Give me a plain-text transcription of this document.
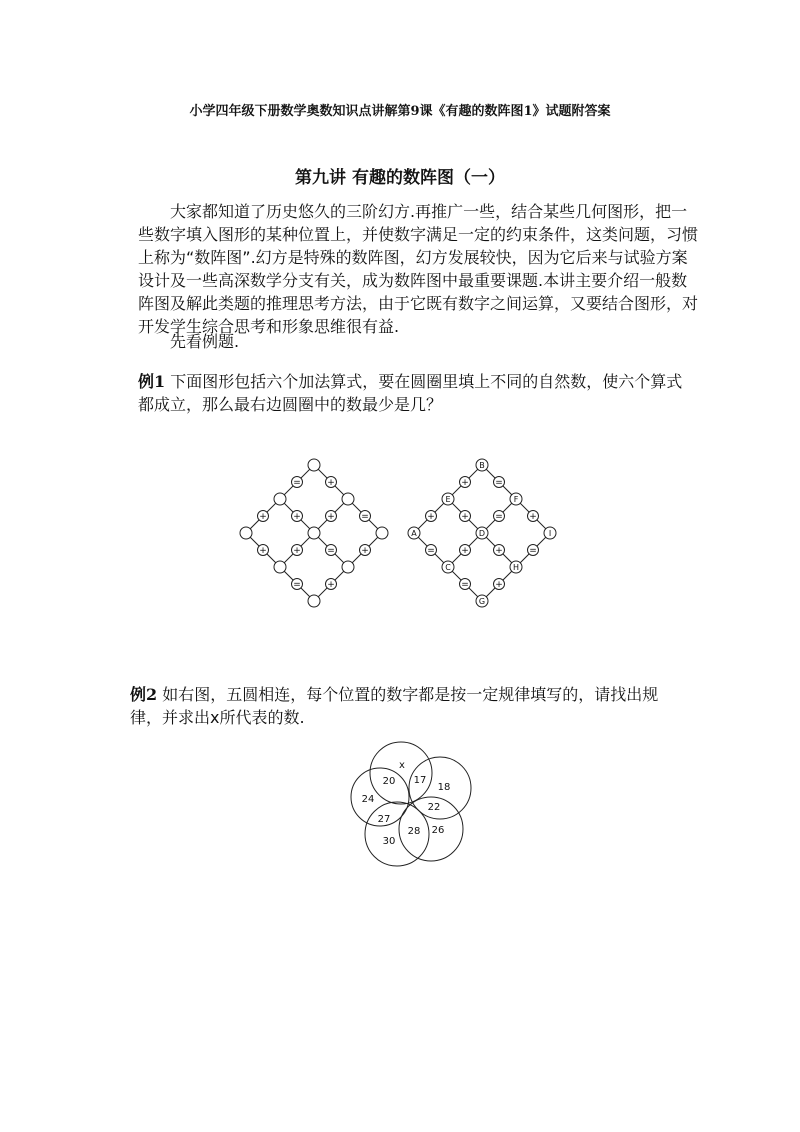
小学四年级下册数学奥数知识点讲解第9课《有趣的数阵图1》试题附答案
第九讲 有趣的数阵图（一）

大家都知道了历史悠久的三阶幻方.再推广一些，结合某些几何图形，把一些数字填入图形的某种位置上，并使数字满足一定的约束条件，这类问题，习惯上称为“数阵图”.幻方是特殊的数阵图，幻方发展较快，因为它后来与试验方案设计及一些高深数学分支有关，成为数阵图中最重要课题.本讲主要介绍一般数阵图及解此类题的推理思考方法，由于它既有数字之间运算，又要结合图形，对开发学生综合思考和形象思维很有益.

先看例题.

例1 下面图形包括六个加法算式，要在圆圈里填上不同的自然数，使六个算式都成立，那么最右边圆圈中的数最少是几？

例2 如右图，五圆相连，每个位置的数字都是按一定规律填写的，请找出规律，并求出x所代表的数.

=	+
+	+	+	=
+	+	=	+
=	+
B
E	F
A	D	I
C	H
G
+	=
+	+	=	+
=	+	+	=
=	+
x
20 17
18
24
22
27
28 26
30
